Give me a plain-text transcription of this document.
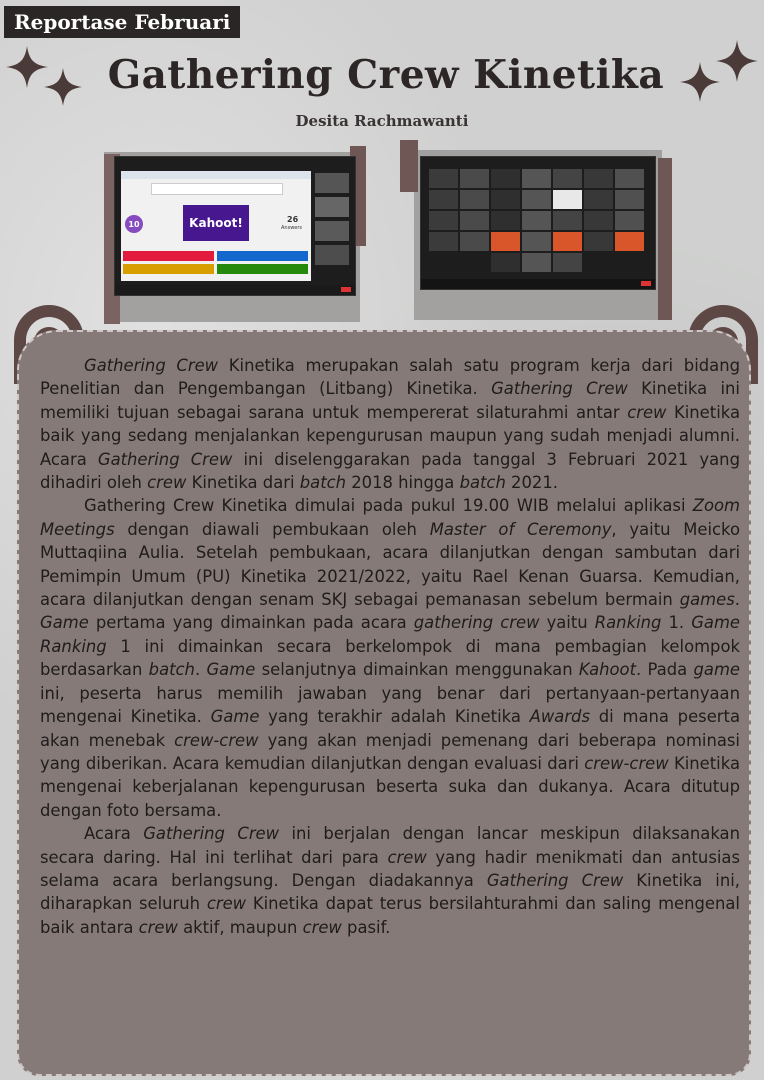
Reportase Februari
Gathering Crew Kinetika
Desita Rachmawanti
Kahoot!
10	26
Answers

Gathering Crew Kinetika merupakan salah satu program kerja dari bidang Penelitian dan Pengembangan (Litbang) Kinetika. Gathering Crew Kinetika ini memiliki tujuan sebagai sarana untuk mempererat silaturahmi antar crew Kinetika baik yang sedang menjalankan kepengurusan maupun yang sudah menjadi alumni. Acara Gathering Crew ini diselenggarakan pada tanggal 3 Februari 2021 yang dihadiri oleh crew Kinetika dari batch 2018 hingga batch 2021.

Gathering Crew Kinetika dimulai pada pukul 19.00 WIB melalui aplikasi Zoom Meetings dengan diawali pembukaan oleh Master of Ceremony, yaitu Meicko Muttaqiina Aulia. Setelah pembukaan, acara dilanjutkan dengan sambutan dari Pemimpin Umum (PU) Kinetika 2021/2022, yaitu Rael Kenan Guarsa. Kemudian, acara dilanjutkan dengan senam SKJ sebagai pemanasan sebelum bermain games. Game pertama yang dimainkan pada acara gathering crew yaitu Ranking 1. Game Ranking 1 ini dimainkan secara berkelompok di mana pembagian kelompok berdasarkan batch. Game selanjutnya dimainkan menggunakan Kahoot. Pada game ini, peserta harus memilih jawaban yang benar dari pertanyaan-pertanyaan mengenai Kinetika. Game yang terakhir adalah Kinetika Awards di mana peserta akan menebak crew-crew yang akan menjadi pemenang dari beberapa nominasi yang diberikan. Acara kemudian dilanjutkan dengan evaluasi dari crew-crew Kinetika mengenai keberjalanan kepengurusan beserta suka dan dukanya. Acara ditutup dengan foto bersama.

Acara Gathering Crew ini berjalan dengan lancar meskipun dilaksanakan secara daring. Hal ini terlihat dari para crew yang hadir menikmati dan antusias selama acara berlangsung. Dengan diadakannya Gathering Crew Kinetika ini, diharapkan seluruh crew Kinetika dapat terus bersilahturahmi dan saling mengenal baik antara crew aktif, maupun crew pasif.
